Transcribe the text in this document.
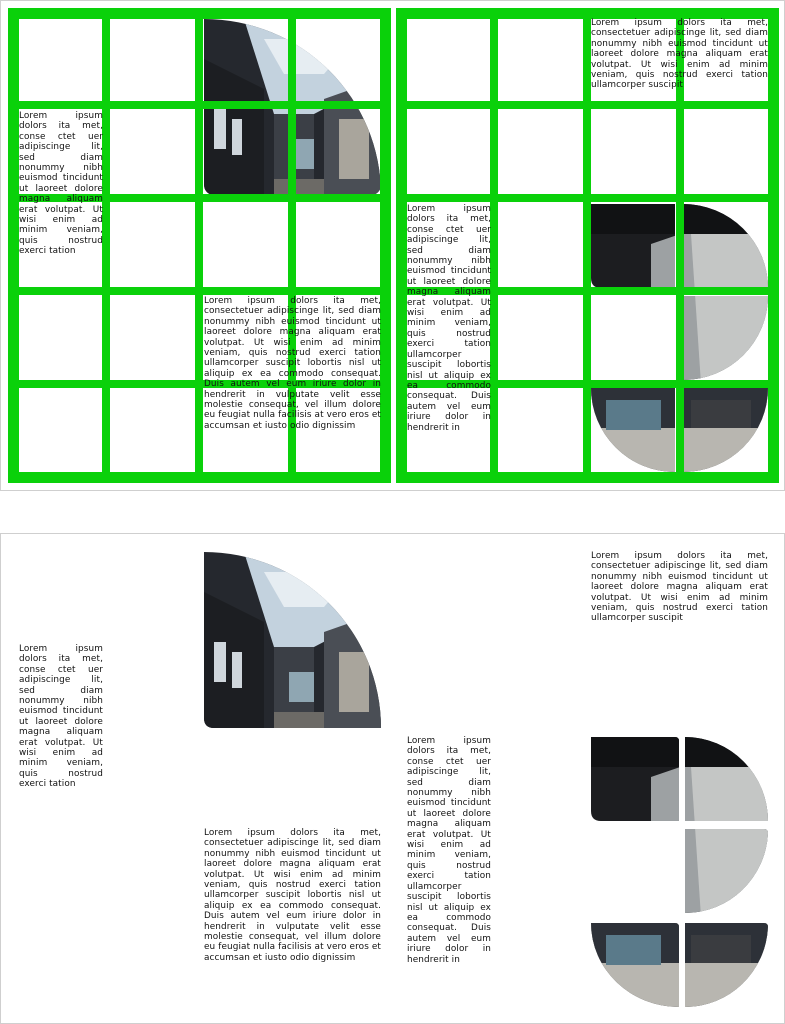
Lorem ipsum dolors ita met, conse ctet uer adipiscinge lit, sed diam nonummy nibh euismod tincidunt ut laoreet dolore magna aliquam erat volutpat. Ut wisi enim ad minim veniam, quis nostrud exerci tation
Lorem ipsum dolors ita met, consectetuer adipiscinge lit, sed diam nonummy nibh euismod tincidunt ut laoreet dolore magna aliquam erat volutpat. Ut wisi enim ad minim veniam, quis nostrud exerci tation ullamcorper suscipit lobortis nisl ut aliquip ex ea commodo consequat. Duis autem vel eum iriure dolor in hendrerit in vulputate velit esse molestie consequat, vel illum dolore eu feugiat nulla facilisis at vero eros et accumsan et iusto odio dignissim
Lorem ipsum dolors ita met, consectetuer adipiscinge lit, sed diam nonummy nibh euismod tincidunt ut laoreet dolore magna aliquam erat volutpat. Ut wisi enim ad minim veniam, quis nostrud exerci tation ullamcorper suscipit
Lorem ipsum dolors ita met, conse ctet uer adipiscinge lit, sed diam nonummy nibh euismod tincidunt ut laoreet dolore magna aliquam erat volutpat. Ut wisi enim ad minim veniam, quis nostrud exerci tation ullamcorper suscipit lobortis nisl ut aliquip ex ea commodo consequat. Duis autem vel eum iriure dolor in hendrerit in
Lorem ipsum dolors ita met, conse ctet uer adipiscinge lit, sed diam nonummy nibh euismod tincidunt ut laoreet dolore magna aliquam erat volutpat. Ut wisi enim ad minim veniam, quis nostrud exerci tation
Lorem ipsum dolors ita met, consectetuer adipiscinge lit, sed diam nonummy nibh euismod tincidunt ut laoreet dolore magna aliquam erat volutpat. Ut wisi enim ad minim veniam, quis nostrud exerci tation ullamcorper suscipit lobortis nisl ut aliquip ex ea commodo consequat. Duis autem vel eum iriure dolor in hendrerit in vulputate velit esse molestie consequat, vel illum dolore eu feugiat nulla facilisis at vero eros et accumsan et iusto odio dignissim
Lorem ipsum dolors ita met, consectetuer adipiscinge lit, sed diam nonummy nibh euismod tincidunt ut laoreet dolore magna aliquam erat volutpat. Ut wisi enim ad minim veniam, quis nostrud exerci tation ullamcorper suscipit
Lorem ipsum dolors ita met, conse ctet uer adipiscinge lit, sed diam nonummy nibh euismod tincidunt ut laoreet dolore magna aliquam erat volutpat. Ut wisi enim ad minim veniam, quis nostrud exerci tation ullamcorper suscipit lobortis nisl ut aliquip ex ea commodo consequat. Duis autem vel eum iriure dolor in hendrerit in
